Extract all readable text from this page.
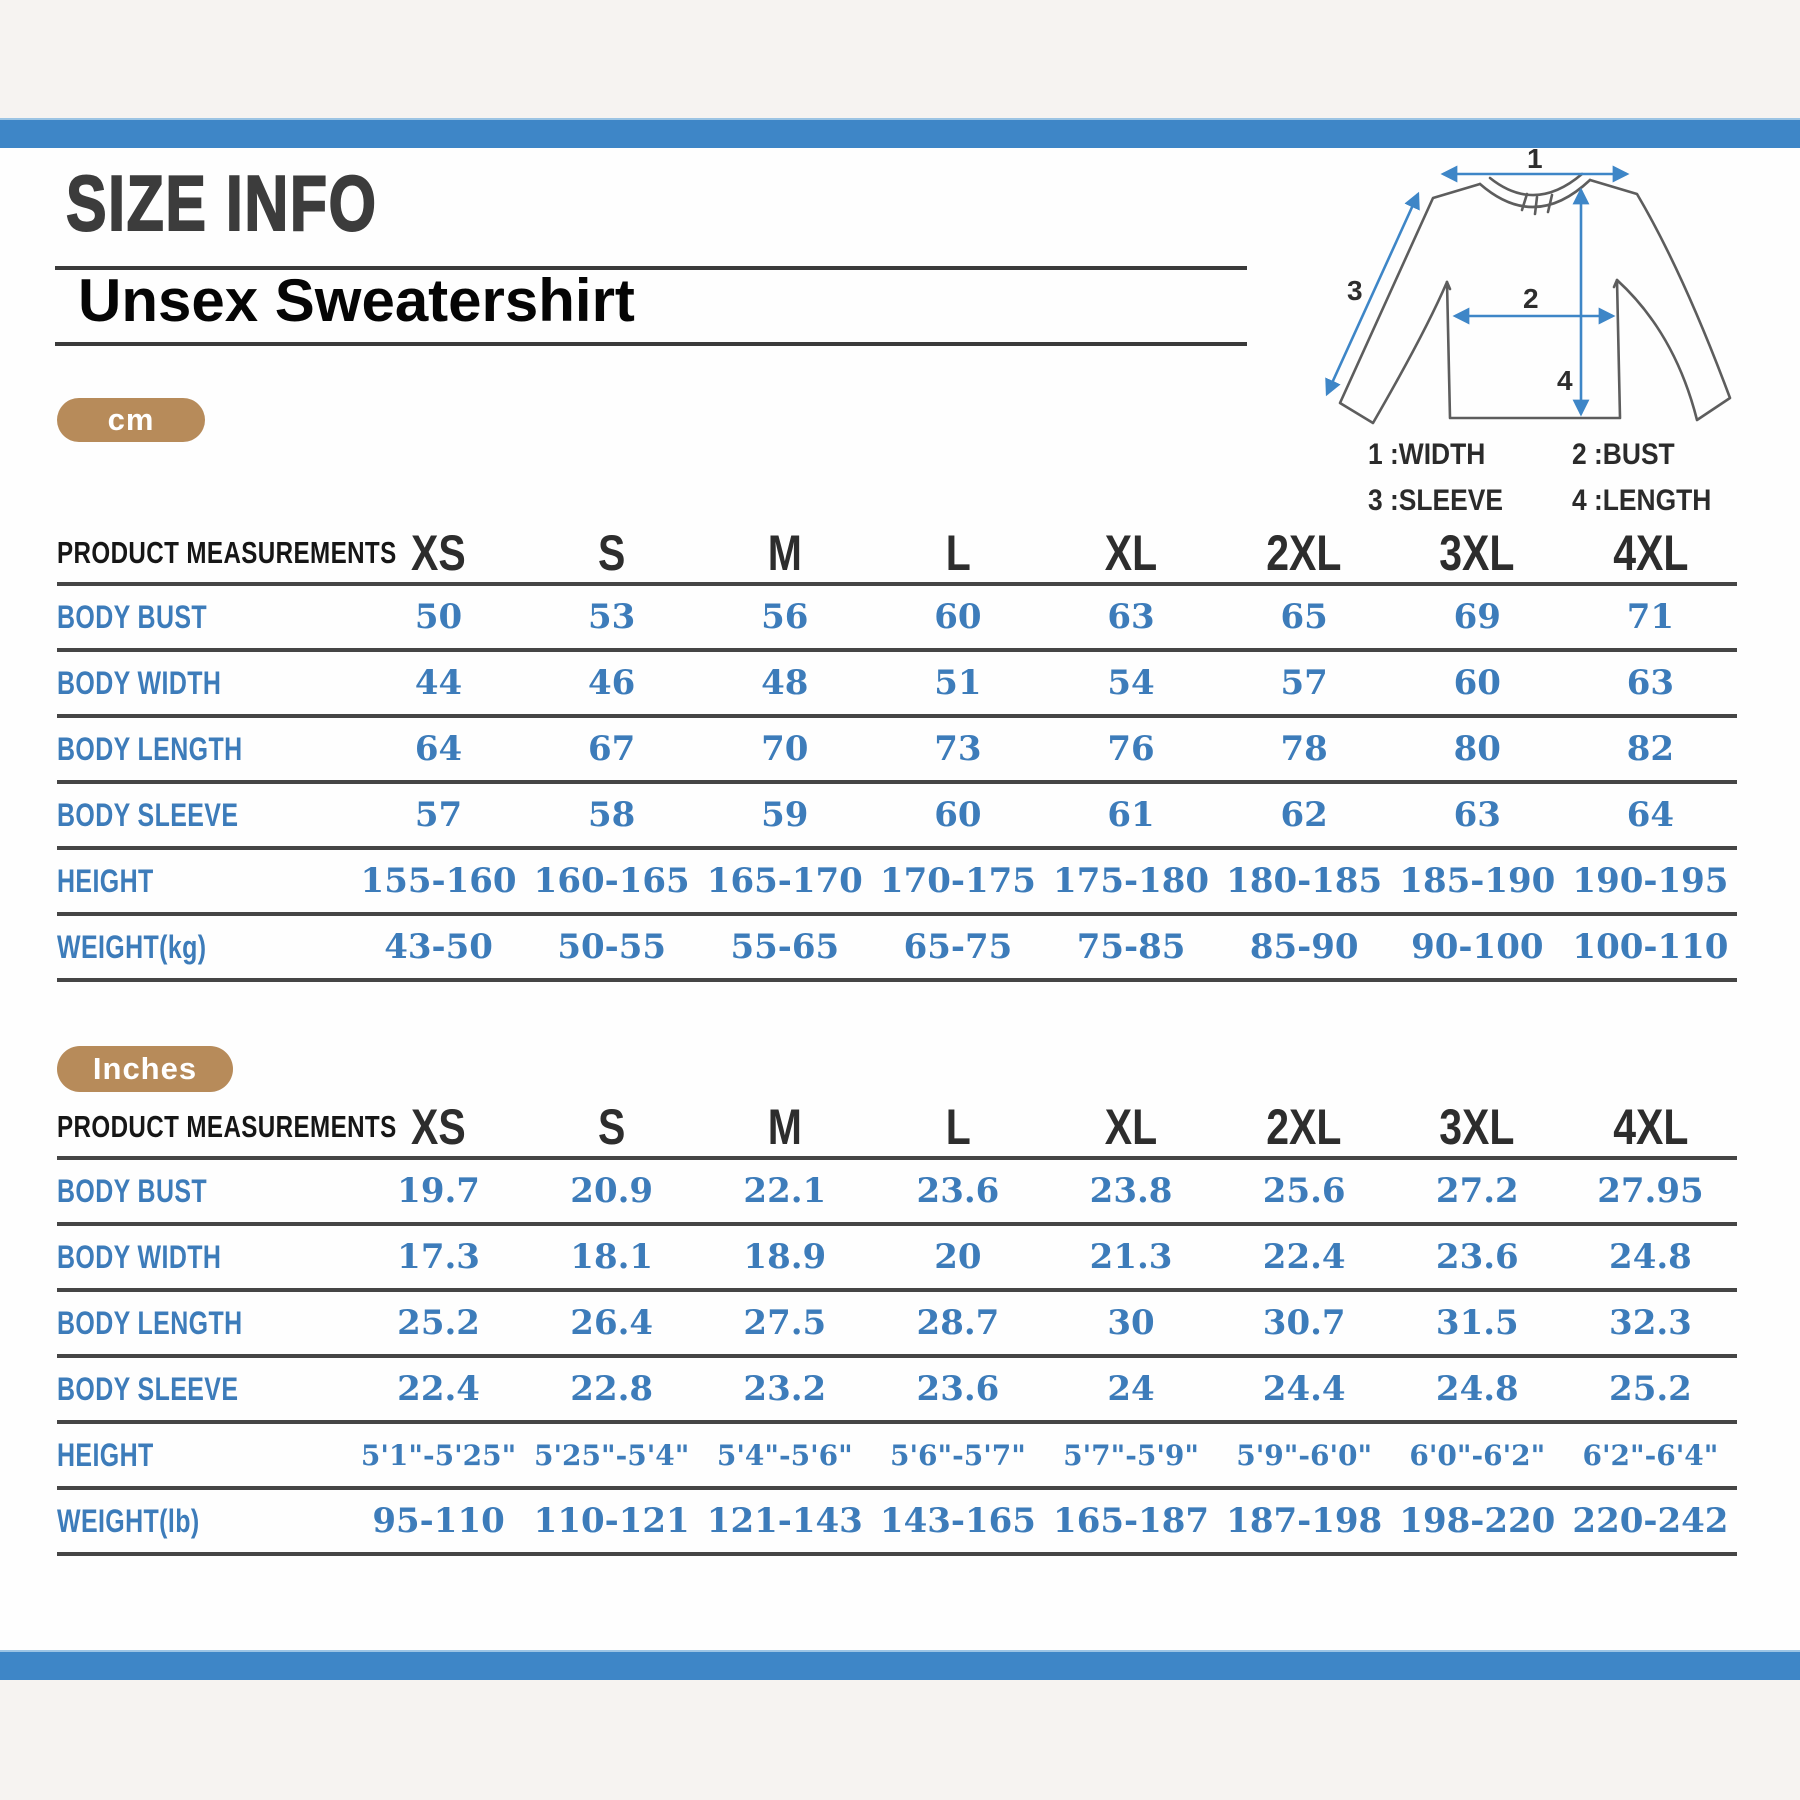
SIZE INFO
Unsex Sweatershirt
1
2
3
4
1 :WIDTH	2 :BUST
3 :SLEEVE	4 :LENGTH
cm
PRODUCT MEASUREMENTS	XS	S	M	L	XL	2XL	3XL	4XL
BODY BUST	50	53	56	60	63	65	69	71
BODY WIDTH	44	46	48	51	54	57	60	63
BODY LENGTH	64	67	70	73	76	78	80	82
BODY SLEEVE	57	58	59	60	61	62	63	64
HEIGHT	155-160	160-165	165-170	170-175	175-180	180-185	185-190	190-195
WEIGHT(kg)	43-50	50-55	55-65	65-75	75-85	85-90	90-100	100-110
Inches
PRODUCT MEASUREMENTS	XS	S	M	L	XL	2XL	3XL	4XL
BODY BUST	19.7	20.9	22.1	23.6	23.8	25.6	27.2	27.95
BODY WIDTH	17.3	18.1	18.9	20	21.3	22.4	23.6	24.8
BODY LENGTH	25.2	26.4	27.5	28.7	30	30.7	31.5	32.3
BODY SLEEVE	22.4	22.8	23.2	23.6	24	24.4	24.8	25.2
HEIGHT	5'1"-5'25"	5'25"-5'4"	5'4"-5'6"	5'6"-5'7"	5'7"-5'9"	5'9"-6'0"	6'0"-6'2"	6'2"-6'4"
WEIGHT(lb)	95-110	110-121	121-143	143-165	165-187	187-198	198-220	220-242
